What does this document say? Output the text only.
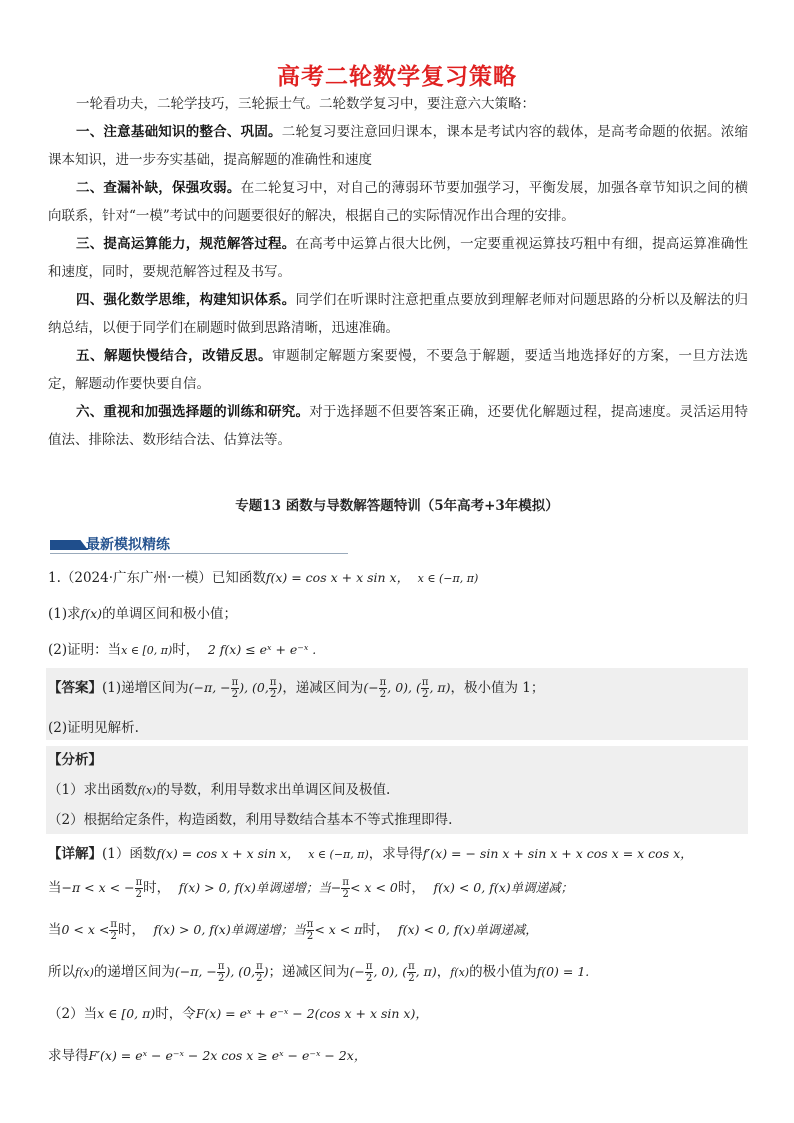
高考二轮数学复习策略
一轮看功夫，二轮学技巧，三轮振士气。二轮数学复习中，要注意六大策略：
一、注意基础知识的整合、巩固。二轮复习要注意回归课本，课本是考试内容的载体，是高考命题的依据。浓缩课本知识，进一步夯实基础，提高解题的准确性和速度
二、查漏补缺，保强攻弱。在二轮复习中，对自己的薄弱环节要加强学习，平衡发展，加强各章节知识之间的横向联系，针对“一模”考试中的问题要很好的解决，根据自己的实际情况作出合理的安排。
三、提高运算能力，规范解答过程。在高考中运算占很大比例，一定要重视运算技巧粗中有细，提高运算准确性和速度，同时，要规范解答过程及书写。
四、强化数学思维，构建知识体系。同学们在听课时注意把重点要放到理解老师对问题思路的分析以及解法的归纳总结，以便于同学们在刷题时做到思路清晰，迅速准确。
五、解题快慢结合，改错反思。审题制定解题方案要慢，不要急于解题，要适当地选择好的方案，一旦方法选定，解题动作要快要自信。
六、重视和加强选择题的训练和研究。对于选择题不但要答案正确，还要优化解题过程，提高速度。灵活运用特值法、排除法、数形结合法、估算法等。
专题13 函数与导数解答题特训（5年高考+3年模拟）
最新模拟精练
1.（2024·广东广州·一模）已知函数f(x) = cos x + x sin x， x ∈ (−π, π)
(1)求f(x)的单调区间和极小值；
(2)证明：当x ∈ [0, π)时， 2 f(x) ≤ eˣ + e⁻ˣ .
【答案】(1)递增区间为(−π, − $\frac{\pi}{2}$ ), (0, $\frac{\pi}{2}$ )，递减区间为(− $\frac{\pi}{2}$ , 0), ( $\frac{\pi}{2}$ , π)，极小值为 1；
(2)证明见解析.
【分析】
（1）求出函数f(x)的导数，利用导数求出单调区间及极值.
（2）根据给定条件，构造函数，利用导数结合基本不等式推理即得.
【详解】(1）函数f(x) = cos x + x sin x， x ∈ (−π, π)，求导得f′(x) = − sin x + sin x + x cos x = x cos x，
当−π < x < − $\frac{\pi}{2}$ 时， f(x) > 0, f(x)单调递增；当− $\frac{\pi}{2} < x < 0$时， f(x) < 0, f(x)单调递减；
当$0 < x < \frac{\pi}{2}$ 时， f(x) > 0, f(x)单调递增；当 $\frac{\pi}{2} < x < \pi$时， f(x) < 0, f(x)单调递减，
所以f(x)的递增区间为(−π, − $\frac{\pi}{2}$ ), (0, $\frac{\pi}{2}$ )；递减区间为(− $\frac{\pi}{2}$ , 0), ( $\frac{\pi}{2}$ , π)，f(x)的极小值为f(0) = 1.
（2）当x ∈ [0, π)时，令F(x) = eˣ + e⁻ˣ − 2(cos x + x sin x)，
求导得F′(x) = eˣ − e⁻ˣ − 2x cos x ≥ eˣ − e⁻ˣ − 2x，
